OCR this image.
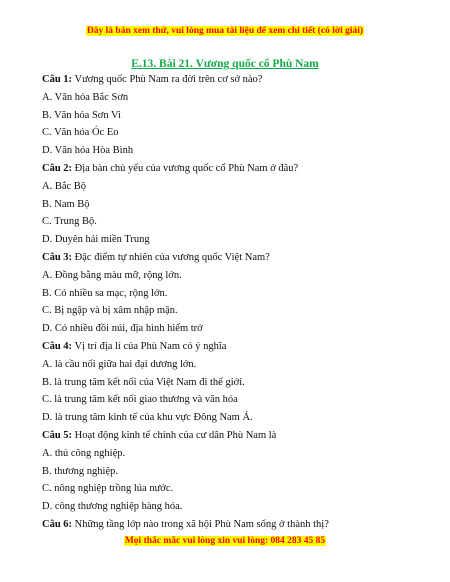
Đây là bản xem thử, vui lòng mua tài liệu để xem chi tiết (có lời giải)
E.13. Bài 21. Vương quốc cổ Phù Nam
Câu 1: Vương quốc Phù Nam ra đời trên cơ sở nào?
A. Văn hóa Bắc Sơn
B. Văn hóa Sơn Vi
C. Văn hóa Óc Eo
D. Văn hóa Hòa Bình
Câu 2: Địa bàn chủ yếu của vương quốc cổ Phù Nam ở đâu?
A. Bắc Bộ
B. Nam Bộ
C. Trung Bộ.
D. Duyên hải miền Trung
Câu 3: Đặc điểm tự nhiên của vương quốc Việt Nam?
A. Đồng bằng màu mỡ, rộng lớn.
B. Có nhiều sa mạc, rộng lớn.
C. Bị ngập và bị xâm nhập mặn.
D. Có nhiều đồi núi, địa hình hiểm trở
Câu 4: Vị trí địa lí của Phù Nam có ý nghĩa
A. là cầu nối giữa hai đại dương lớn.
B. là trung tâm kết nối của Việt Nam đi thế giới.
C. là trung tâm kết nối giao thương và văn hóa
D. là trung tâm kinh tế của khu vực Đông Nam Á.
Câu 5: Hoạt động kinh tế chính của cư dân Phù Nam là
A. thủ công nghiệp.
B. thương nghiệp.
C. nông nghiệp trồng lúa nước.
D. công thương nghiệp hàng hóa.
Câu 6: Những tầng lớp nào trong xã hội Phù Nam sống ở thành thị?
Mọi thắc mắc vui lòng xin vui lòng: 084 283 45 85
